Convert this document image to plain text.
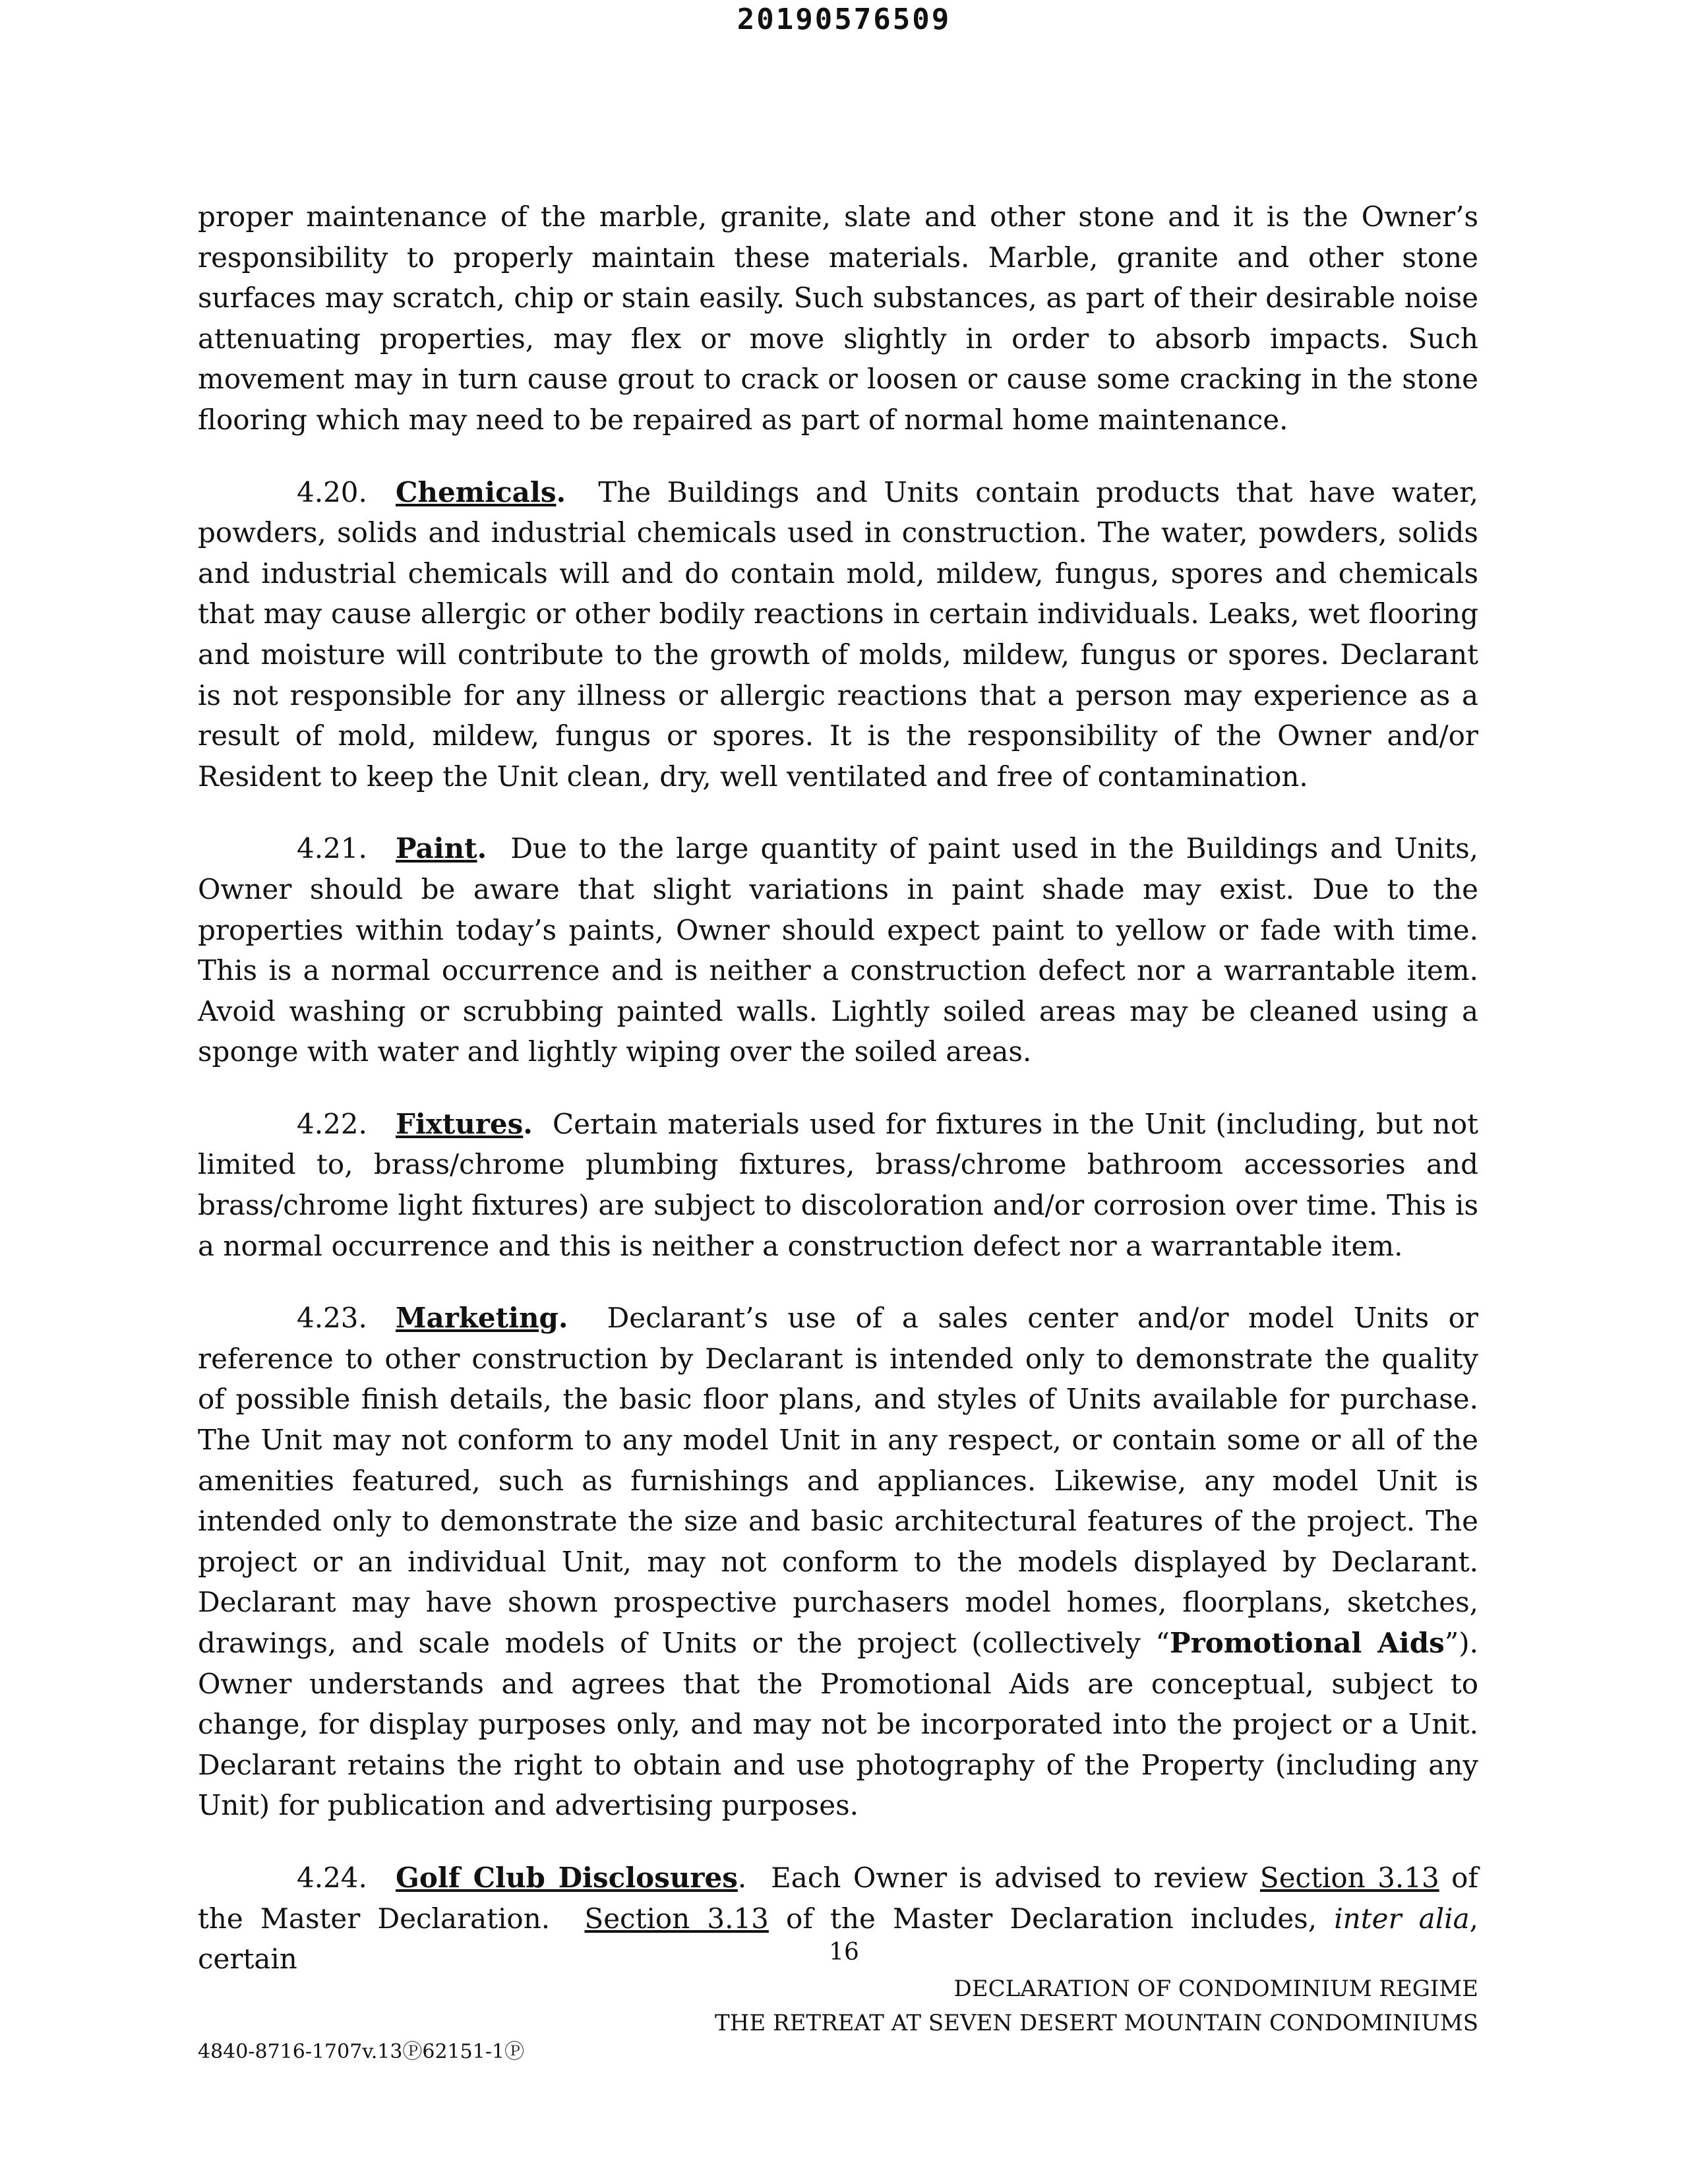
20190576509

proper maintenance of the marble, granite, slate and other stone and it is the Owner’s responsibility to properly maintain these materials. Marble, granite and other stone surfaces may scratch, chip or stain easily. Such substances, as part of their desirable noise attenuating properties, may flex or move slightly in order to absorb impacts. Such movement may in turn cause grout to crack or loosen or cause some cracking in the stone flooring which may need to be repaired as part of normal home maintenance.

4.20. Chemicals. The Buildings and Units contain products that have water, powders, solids and industrial chemicals used in construction. The water, powders, solids and industrial chemicals will and do contain mold, mildew, fungus, spores and chemicals that may cause allergic or other bodily reactions in certain individuals. Leaks, wet flooring and moisture will contribute to the growth of molds, mildew, fungus or spores. Declarant is not responsible for any illness or allergic reactions that a person may experience as a result of mold, mildew, fungus or spores. It is the responsibility of the Owner and/or Resident to keep the Unit clean, dry, well ventilated and free of contamination.

4.21. Paint. Due to the large quantity of paint used in the Buildings and Units, Owner should be aware that slight variations in paint shade may exist. Due to the properties within today’s paints, Owner should expect paint to yellow or fade with time. This is a normal occurrence and is neither a construction defect nor a warrantable item. Avoid washing or scrubbing painted walls. Lightly soiled areas may be cleaned using a sponge with water and lightly wiping over the soiled areas.

4.22. Fixtures. Certain materials used for fixtures in the Unit (including, but not limited to, brass/chrome plumbing fixtures, brass/chrome bathroom accessories and brass/chrome light fixtures) are subject to discoloration and/or corrosion over time. This is a normal occurrence and this is neither a construction defect nor a warrantable item.

4.23. Marketing. Declarant’s use of a sales center and/or model Units or reference to other construction by Declarant is intended only to demonstrate the quality of possible finish details, the basic floor plans, and styles of Units available for purchase. The Unit may not conform to any model Unit in any respect, or contain some or all of the amenities featured, such as furnishings and appliances. Likewise, any model Unit is intended only to demonstrate the size and basic architectural features of the project. The project or an individual Unit, may not conform to the models displayed by Declarant. Declarant may have shown prospective purchasers model homes, floorplans, sketches, drawings, and scale models of Units or the project (collectively “Promotional Aids”). Owner understands and agrees that the Promotional Aids are conceptual, subject to change, for display purposes only, and may not be incorporated into the project or a Unit. Declarant retains the right to obtain and use photography of the Property (including any Unit) for publication and advertising purposes.

4.24. Golf Club Disclosures. Each Owner is advised to review Section 3.13 of the Master Declaration. Section 3.13 of the Master Declaration includes, inter alia, certain	16
DECLARATION OF CONDOMINIUM REGIME
THE RETREAT AT SEVEN DESERT MOUNTAIN CONDOMINIUMS
4840-8716-1707v.13Ⓟ62151-1Ⓟ
